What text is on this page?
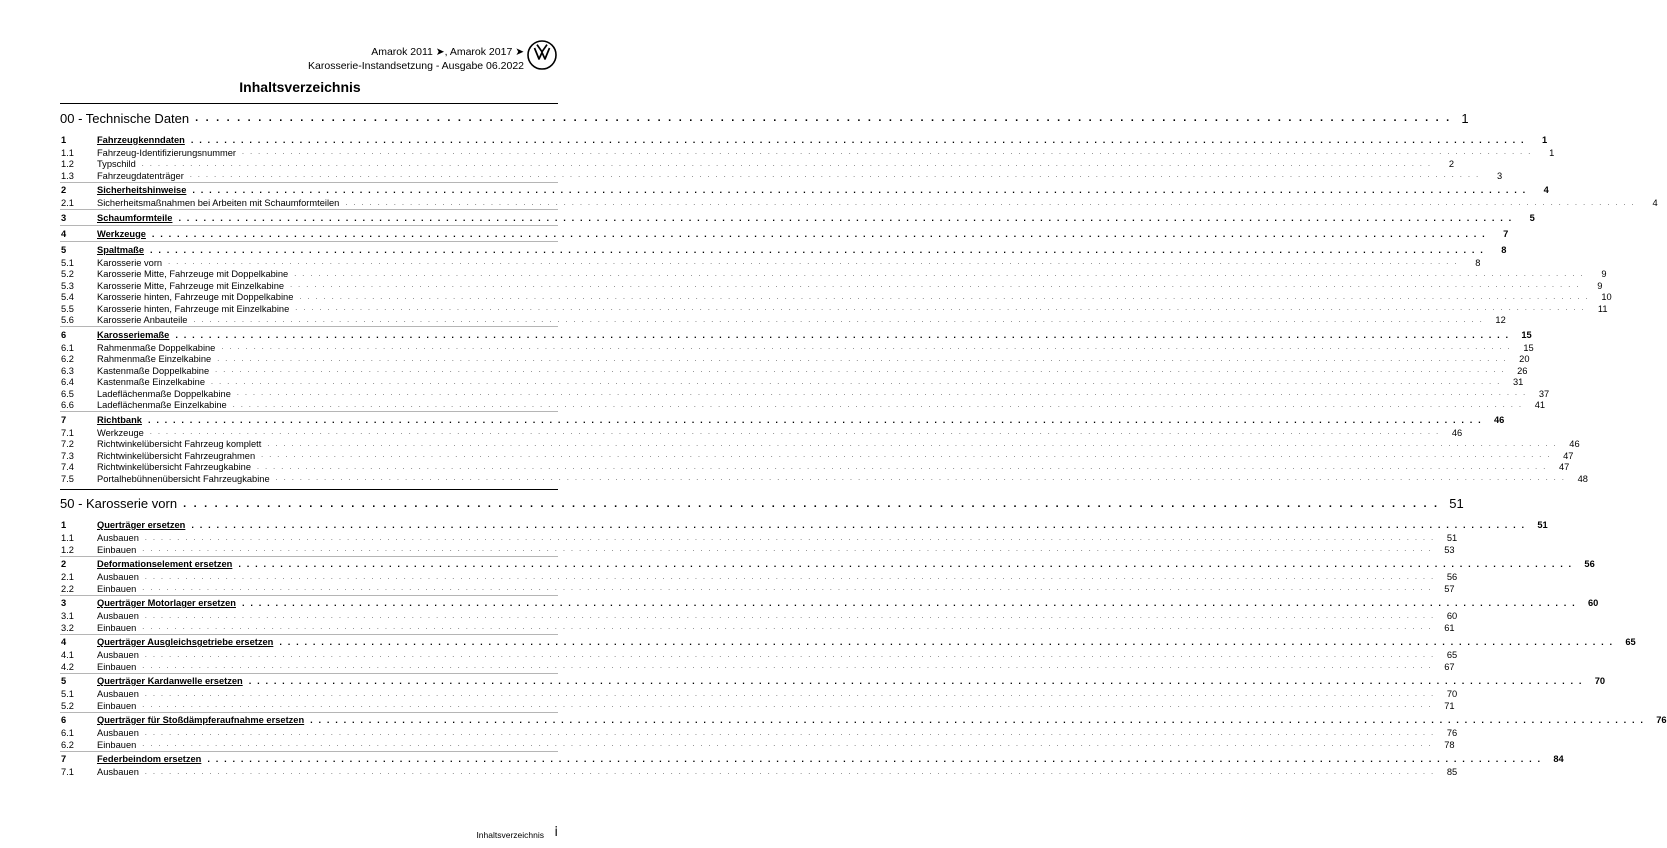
Amarok 2011 ➤, Amarok 2017 ➤
Karosserie-Instandsetzung - Ausgabe 06.2022
Inhaltsverzeichnis
00 - Technische Daten . . . . . . . . . . . . . . . . . . . . . . . . . . . . . . . . . . . . . . . . . . . . . . . . . . . . . . . . . . . . . . . . . . . . . . . . . . . . . . . . . . . . . . . . . . . . . . . . . . . . . . . . . . . . . . . . . . . . . . . . 1
1	Fahrzeugkenndaten . . . . . . . . . . . . . . . . . . . . . . . . . . . . . . . . . . . . . . . . . . . . . . . . . . . . . . . . . . . . . . . . . . . . . . . . . . . . . . . . . . . . . . . . . . . . . . . . . . . . . . . . . . . . . . . . . . . . . . . . . . . . . . . . . . . . . . . . . . . . . . . . . . . . . . . . . . . . . . . .	1
1.1	Fahrzeug-Identifizierungsnummer . . . . . . . . . . . . . . . . . . . . . . . . . . . . . . . . . . . . . . . . . . . . . . . . . . . . . . . . . . . . . . . . . . . . . . . . . . . . . . . . . . . . . . . . . . . . . . . . . . . . . . . . . . . . . . . . . . . . . . . . . . . . . . . . . . . . . . . . . . . . . . . . . . . . . . . . . . . . . . . .	1
1.2	Typschild . . . . . . . . . . . . . . . . . . . . . . . . . . . . . . . . . . . . . . . . . . . . . . . . . . . . . . . . . . . . . . . . . . . . . . . . . . . . . . . . . . . . . . . . . . . . . . . . . . . . . . . . . . . . . . . . . . . . . . . . . . . . . . . . . . . . . . . . . . . . . . . . . . . . . . . . . . . . . . . .	2
1.3	Fahrzeugdatenträger . . . . . . . . . . . . . . . . . . . . . . . . . . . . . . . . . . . . . . . . . . . . . . . . . . . . . . . . . . . . . . . . . . . . . . . . . . . . . . . . . . . . . . . . . . . . . . . . . . . . . . . . . . . . . . . . . . . . . . . . . . . . . . . . . . . . . . . . . . . . . . . . . . . . . . . . . . . . . . . .	3
2	Sicherheitshinweise . . . . . . . . . . . . . . . . . . . . . . . . . . . . . . . . . . . . . . . . . . . . . . . . . . . . . . . . . . . . . . . . . . . . . . . . . . . . . . . . . . . . . . . . . . . . . . . . . . . . . . . . . . . . . . . . . . . . . . . . . . . . . . . . . . . . . . . . . . . . . . . . . . . . . . . . . . . . . . . .	4
2.1	Sicherheitsmaßnahmen bei Arbeiten mit Schaumformteilen . . . . . . . . . . . . . . . . . . . . . . . . . . . . . . . . . . . . . . . . . . . . . . . . . . . . . . . . . . . . . . . . . . . . . . . . . . . . . . . . . . . . . . . . . . . . . . . . . . . . . . . . . . . . . . . . . . . . . . . . . . . . . . . . . . . . . . . . . . . . . . . . . . . . . . . . . . . . . . . .	4
3	Schaumformteile . . . . . . . . . . . . . . . . . . . . . . . . . . . . . . . . . . . . . . . . . . . . . . . . . . . . . . . . . . . . . . . . . . . . . . . . . . . . . . . . . . . . . . . . . . . . . . . . . . . . . . . . . . . . . . . . . . . . . . . . . . . . . . . . . . . . . . . . . . . . . . . . . . . . . . . . . . . . . . . .	5
4	Werkzeuge . . . . . . . . . . . . . . . . . . . . . . . . . . . . . . . . . . . . . . . . . . . . . . . . . . . . . . . . . . . . . . . . . . . . . . . . . . . . . . . . . . . . . . . . . . . . . . . . . . . . . . . . . . . . . . . . . . . . . . . . . . . . . . . . . . . . . . . . . . . . . . . . . . . . . . . . . . . . . . . .	7
5	Spaltmaße . . . . . . . . . . . . . . . . . . . . . . . . . . . . . . . . . . . . . . . . . . . . . . . . . . . . . . . . . . . . . . . . . . . . . . . . . . . . . . . . . . . . . . . . . . . . . . . . . . . . . . . . . . . . . . . . . . . . . . . . . . . . . . . . . . . . . . . . . . . . . . . . . . . . . . . . . . . . . . . .	8
5.1	Karosserie vorn . . . . . . . . . . . . . . . . . . . . . . . . . . . . . . . . . . . . . . . . . . . . . . . . . . . . . . . . . . . . . . . . . . . . . . . . . . . . . . . . . . . . . . . . . . . . . . . . . . . . . . . . . . . . . . . . . . . . . . . . . . . . . . . . . . . . . . . . . . . . . . . . . . . . . . . . . . . . . . . .	8
5.2	Karosserie Mitte, Fahrzeuge mit Doppelkabine . . . . . . . . . . . . . . . . . . . . . . . . . . . . . . . . . . . . . . . . . . . . . . . . . . . . . . . . . . . . . . . . . . . . . . . . . . . . . . . . . . . . . . . . . . . . . . . . . . . . . . . . . . . . . . . . . . . . . . . . . . . . . . . . . . . . . . . . . . . . . . . . . . . . . . . . . . . . . . . .	9
5.3	Karosserie Mitte, Fahrzeuge mit Einzelkabine . . . . . . . . . . . . . . . . . . . . . . . . . . . . . . . . . . . . . . . . . . . . . . . . . . . . . . . . . . . . . . . . . . . . . . . . . . . . . . . . . . . . . . . . . . . . . . . . . . . . . . . . . . . . . . . . . . . . . . . . . . . . . . . . . . . . . . . . . . . . . . . . . . . . . . . . . . . . . . . .	9
5.4	Karosserie hinten, Fahrzeuge mit Doppelkabine . . . . . . . . . . . . . . . . . . . . . . . . . . . . . . . . . . . . . . . . . . . . . . . . . . . . . . . . . . . . . . . . . . . . . . . . . . . . . . . . . . . . . . . . . . . . . . . . . . . . . . . . . . . . . . . . . . . . . . . . . . . . . . . . . . . . . . . . . . . . . . . . . . . . . . . . . . . . . . . .	10
5.5	Karosserie hinten, Fahrzeuge mit Einzelkabine . . . . . . . . . . . . . . . . . . . . . . . . . . . . . . . . . . . . . . . . . . . . . . . . . . . . . . . . . . . . . . . . . . . . . . . . . . . . . . . . . . . . . . . . . . . . . . . . . . . . . . . . . . . . . . . . . . . . . . . . . . . . . . . . . . . . . . . . . . . . . . . . . . . . . . . . . . . . . . . .	11
5.6	Karosserie Anbauteile . . . . . . . . . . . . . . . . . . . . . . . . . . . . . . . . . . . . . . . . . . . . . . . . . . . . . . . . . . . . . . . . . . . . . . . . . . . . . . . . . . . . . . . . . . . . . . . . . . . . . . . . . . . . . . . . . . . . . . . . . . . . . . . . . . . . . . . . . . . . . . . . . . . . . . . . . . . . . . . .	12
6	Karosseriemaße . . . . . . . . . . . . . . . . . . . . . . . . . . . . . . . . . . . . . . . . . . . . . . . . . . . . . . . . . . . . . . . . . . . . . . . . . . . . . . . . . . . . . . . . . . . . . . . . . . . . . . . . . . . . . . . . . . . . . . . . . . . . . . . . . . . . . . . . . . . . . . . . . . . . . . . . . . . . . . . .	15
6.1	Rahmenmaße Doppelkabine . . . . . . . . . . . . . . . . . . . . . . . . . . . . . . . . . . . . . . . . . . . . . . . . . . . . . . . . . . . . . . . . . . . . . . . . . . . . . . . . . . . . . . . . . . . . . . . . . . . . . . . . . . . . . . . . . . . . . . . . . . . . . . . . . . . . . . . . . . . . . . . . . . . . . . . . . . . . . . . .	15
6.2	Rahmenmaße Einzelkabine . . . . . . . . . . . . . . . . . . . . . . . . . . . . . . . . . . . . . . . . . . . . . . . . . . . . . . . . . . . . . . . . . . . . . . . . . . . . . . . . . . . . . . . . . . . . . . . . . . . . . . . . . . . . . . . . . . . . . . . . . . . . . . . . . . . . . . . . . . . . . . . . . . . . . . . . . . . . . . . .	20
6.3	Kastenmaße Doppelkabine . . . . . . . . . . . . . . . . . . . . . . . . . . . . . . . . . . . . . . . . . . . . . . . . . . . . . . . . . . . . . . . . . . . . . . . . . . . . . . . . . . . . . . . . . . . . . . . . . . . . . . . . . . . . . . . . . . . . . . . . . . . . . . . . . . . . . . . . . . . . . . . . . . . . . . . . . . . . . . . .	26
6.4	Kastenmaße Einzelkabine . . . . . . . . . . . . . . . . . . . . . . . . . . . . . . . . . . . . . . . . . . . . . . . . . . . . . . . . . . . . . . . . . . . . . . . . . . . . . . . . . . . . . . . . . . . . . . . . . . . . . . . . . . . . . . . . . . . . . . . . . . . . . . . . . . . . . . . . . . . . . . . . . . . . . . . . . . . . . . . .	31
6.5	Ladeflächenmaße Doppelkabine . . . . . . . . . . . . . . . . . . . . . . . . . . . . . . . . . . . . . . . . . . . . . . . . . . . . . . . . . . . . . . . . . . . . . . . . . . . . . . . . . . . . . . . . . . . . . . . . . . . . . . . . . . . . . . . . . . . . . . . . . . . . . . . . . . . . . . . . . . . . . . . . . . . . . . . . . . . . . . . .	37
6.6	Ladeflächenmaße Einzelkabine . . . . . . . . . . . . . . . . . . . . . . . . . . . . . . . . . . . . . . . . . . . . . . . . . . . . . . . . . . . . . . . . . . . . . . . . . . . . . . . . . . . . . . . . . . . . . . . . . . . . . . . . . . . . . . . . . . . . . . . . . . . . . . . . . . . . . . . . . . . . . . . . . . . . . . . . . . . . . . . .	41
7	Richtbank . . . . . . . . . . . . . . . . . . . . . . . . . . . . . . . . . . . . . . . . . . . . . . . . . . . . . . . . . . . . . . . . . . . . . . . . . . . . . . . . . . . . . . . . . . . . . . . . . . . . . . . . . . . . . . . . . . . . . . . . . . . . . . . . . . . . . . . . . . . . . . . . . . . . . . . . . . . . . . . .	46
7.1	Werkzeuge . . . . . . . . . . . . . . . . . . . . . . . . . . . . . . . . . . . . . . . . . . . . . . . . . . . . . . . . . . . . . . . . . . . . . . . . . . . . . . . . . . . . . . . . . . . . . . . . . . . . . . . . . . . . . . . . . . . . . . . . . . . . . . . . . . . . . . . . . . . . . . . . . . . . . . . . . . . . . . . .	46
7.2	Richtwinkelübersicht Fahrzeug komplett . . . . . . . . . . . . . . . . . . . . . . . . . . . . . . . . . . . . . . . . . . . . . . . . . . . . . . . . . . . . . . . . . . . . . . . . . . . . . . . . . . . . . . . . . . . . . . . . . . . . . . . . . . . . . . . . . . . . . . . . . . . . . . . . . . . . . . . . . . . . . . . . . . . . . . . . . . . . . . . .	46
7.3	Richtwinkelübersicht Fahrzeugrahmen . . . . . . . . . . . . . . . . . . . . . . . . . . . . . . . . . . . . . . . . . . . . . . . . . . . . . . . . . . . . . . . . . . . . . . . . . . . . . . . . . . . . . . . . . . . . . . . . . . . . . . . . . . . . . . . . . . . . . . . . . . . . . . . . . . . . . . . . . . . . . . . . . . . . . . . . . . . . . . . .	47
7.4	Richtwinkelübersicht Fahrzeugkabine . . . . . . . . . . . . . . . . . . . . . . . . . . . . . . . . . . . . . . . . . . . . . . . . . . . . . . . . . . . . . . . . . . . . . . . . . . . . . . . . . . . . . . . . . . . . . . . . . . . . . . . . . . . . . . . . . . . . . . . . . . . . . . . . . . . . . . . . . . . . . . . . . . . . . . . . . . . . . . . .	47
7.5	Portalhebühnenübersicht Fahrzeugkabine . . . . . . . . . . . . . . . . . . . . . . . . . . . . . . . . . . . . . . . . . . . . . . . . . . . . . . . . . . . . . . . . . . . . . . . . . . . . . . . . . . . . . . . . . . . . . . . . . . . . . . . . . . . . . . . . . . . . . . . . . . . . . . . . . . . . . . . . . . . . . . . . . . . . . . . . . . . . . . . .	48
50 - Karosserie vorn . . . . . . . . . . . . . . . . . . . . . . . . . . . . . . . . . . . . . . . . . . . . . . . . . . . . . . . . . . . . . . . . . . . . . . . . . . . . . . . . . . . . . . . . . . . . . . . . . . . . . . . . . . . . . . . . . . . . . . . . 51
1	Querträger ersetzen . . . . . . . . . . . . . . . . . . . . . . . . . . . . . . . . . . . . . . . . . . . . . . . . . . . . . . . . . . . . . . . . . . . . . . . . . . . . . . . . . . . . . . . . . . . . . . . . . . . . . . . . . . . . . . . . . . . . . . . . . . . . . . . . . . . . . . . . . . . . . . . . . . . . . . . . . . . . . . . .	51
1.1	Ausbauen . . . . . . . . . . . . . . . . . . . . . . . . . . . . . . . . . . . . . . . . . . . . . . . . . . . . . . . . . . . . . . . . . . . . . . . . . . . . . . . . . . . . . . . . . . . . . . . . . . . . . . . . . . . . . . . . . . . . . . . . . . . . . . . . . . . . . . . . . . . . . . . . . . . . . . . . . . . . . . . .	51
1.2	Einbauen . . . . . . . . . . . . . . . . . . . . . . . . . . . . . . . . . . . . . . . . . . . . . . . . . . . . . . . . . . . . . . . . . . . . . . . . . . . . . . . . . . . . . . . . . . . . . . . . . . . . . . . . . . . . . . . . . . . . . . . . . . . . . . . . . . . . . . . . . . . . . . . . . . . . . . . . . . . . . . . .	53
2	Deformationselement ersetzen . . . . . . . . . . . . . . . . . . . . . . . . . . . . . . . . . . . . . . . . . . . . . . . . . . . . . . . . . . . . . . . . . . . . . . . . . . . . . . . . . . . . . . . . . . . . . . . . . . . . . . . . . . . . . . . . . . . . . . . . . . . . . . . . . . . . . . . . . . . . . . . . . . . . . . . . . . . . . . . .	56
2.1	Ausbauen . . . . . . . . . . . . . . . . . . . . . . . . . . . . . . . . . . . . . . . . . . . . . . . . . . . . . . . . . . . . . . . . . . . . . . . . . . . . . . . . . . . . . . . . . . . . . . . . . . . . . . . . . . . . . . . . . . . . . . . . . . . . . . . . . . . . . . . . . . . . . . . . . . . . . . . . . . . . . . . .	56
2.2	Einbauen . . . . . . . . . . . . . . . . . . . . . . . . . . . . . . . . . . . . . . . . . . . . . . . . . . . . . . . . . . . . . . . . . . . . . . . . . . . . . . . . . . . . . . . . . . . . . . . . . . . . . . . . . . . . . . . . . . . . . . . . . . . . . . . . . . . . . . . . . . . . . . . . . . . . . . . . . . . . . . . .	57
3	Querträger Motorlager ersetzen . . . . . . . . . . . . . . . . . . . . . . . . . . . . . . . . . . . . . . . . . . . . . . . . . . . . . . . . . . . . . . . . . . . . . . . . . . . . . . . . . . . . . . . . . . . . . . . . . . . . . . . . . . . . . . . . . . . . . . . . . . . . . . . . . . . . . . . . . . . . . . . . . . . . . . . . . . . . . . . .	60
3.1	Ausbauen . . . . . . . . . . . . . . . . . . . . . . . . . . . . . . . . . . . . . . . . . . . . . . . . . . . . . . . . . . . . . . . . . . . . . . . . . . . . . . . . . . . . . . . . . . . . . . . . . . . . . . . . . . . . . . . . . . . . . . . . . . . . . . . . . . . . . . . . . . . . . . . . . . . . . . . . . . . . . . . .	60
3.2	Einbauen . . . . . . . . . . . . . . . . . . . . . . . . . . . . . . . . . . . . . . . . . . . . . . . . . . . . . . . . . . . . . . . . . . . . . . . . . . . . . . . . . . . . . . . . . . . . . . . . . . . . . . . . . . . . . . . . . . . . . . . . . . . . . . . . . . . . . . . . . . . . . . . . . . . . . . . . . . . . . . . .	61
4	Querträger Ausgleichsgetriebe ersetzen . . . . . . . . . . . . . . . . . . . . . . . . . . . . . . . . . . . . . . . . . . . . . . . . . . . . . . . . . . . . . . . . . . . . . . . . . . . . . . . . . . . . . . . . . . . . . . . . . . . . . . . . . . . . . . . . . . . . . . . . . . . . . . . . . . . . . . . . . . . . . . . . . . . . . . . . . . . . . . . .	65
4.1	Ausbauen . . . . . . . . . . . . . . . . . . . . . . . . . . . . . . . . . . . . . . . . . . . . . . . . . . . . . . . . . . . . . . . . . . . . . . . . . . . . . . . . . . . . . . . . . . . . . . . . . . . . . . . . . . . . . . . . . . . . . . . . . . . . . . . . . . . . . . . . . . . . . . . . . . . . . . . . . . . . . . . .	65
4.2	Einbauen . . . . . . . . . . . . . . . . . . . . . . . . . . . . . . . . . . . . . . . . . . . . . . . . . . . . . . . . . . . . . . . . . . . . . . . . . . . . . . . . . . . . . . . . . . . . . . . . . . . . . . . . . . . . . . . . . . . . . . . . . . . . . . . . . . . . . . . . . . . . . . . . . . . . . . . . . . . . . . . .	67
5	Querträger Kardanwelle ersetzen . . . . . . . . . . . . . . . . . . . . . . . . . . . . . . . . . . . . . . . . . . . . . . . . . . . . . . . . . . . . . . . . . . . . . . . . . . . . . . . . . . . . . . . . . . . . . . . . . . . . . . . . . . . . . . . . . . . . . . . . . . . . . . . . . . . . . . . . . . . . . . . . . . . . . . . . . . . . . . . .	70
5.1	Ausbauen . . . . . . . . . . . . . . . . . . . . . . . . . . . . . . . . . . . . . . . . . . . . . . . . . . . . . . . . . . . . . . . . . . . . . . . . . . . . . . . . . . . . . . . . . . . . . . . . . . . . . . . . . . . . . . . . . . . . . . . . . . . . . . . . . . . . . . . . . . . . . . . . . . . . . . . . . . . . . . . .	70
5.2	Einbauen . . . . . . . . . . . . . . . . . . . . . . . . . . . . . . . . . . . . . . . . . . . . . . . . . . . . . . . . . . . . . . . . . . . . . . . . . . . . . . . . . . . . . . . . . . . . . . . . . . . . . . . . . . . . . . . . . . . . . . . . . . . . . . . . . . . . . . . . . . . . . . . . . . . . . . . . . . . . . . . .	71
6	Querträger für Stoßdämpferaufnahme ersetzen . . . . . . . . . . . . . . . . . . . . . . . . . . . . . . . . . . . . . . . . . . . . . . . . . . . . . . . . . . . . . . . . . . . . . . . . . . . . . . . . . . . . . . . . . . . . . . . . . . . . . . . . . . . . . . . . . . . . . . . . . . . . . . . . . . . . . . . . . . . . . . . . . . . . . . . . . . . . . . . .	76
6.1	Ausbauen . . . . . . . . . . . . . . . . . . . . . . . . . . . . . . . . . . . . . . . . . . . . . . . . . . . . . . . . . . . . . . . . . . . . . . . . . . . . . . . . . . . . . . . . . . . . . . . . . . . . . . . . . . . . . . . . . . . . . . . . . . . . . . . . . . . . . . . . . . . . . . . . . . . . . . . . . . . . . . . .	76
6.2	Einbauen . . . . . . . . . . . . . . . . . . . . . . . . . . . . . . . . . . . . . . . . . . . . . . . . . . . . . . . . . . . . . . . . . . . . . . . . . . . . . . . . . . . . . . . . . . . . . . . . . . . . . . . . . . . . . . . . . . . . . . . . . . . . . . . . . . . . . . . . . . . . . . . . . . . . . . . . . . . . . . . .	78
7	Federbeindom ersetzen . . . . . . . . . . . . . . . . . . . . . . . . . . . . . . . . . . . . . . . . . . . . . . . . . . . . . . . . . . . . . . . . . . . . . . . . . . . . . . . . . . . . . . . . . . . . . . . . . . . . . . . . . . . . . . . . . . . . . . . . . . . . . . . . . . . . . . . . . . . . . . . . . . . . . . . . . . . . . . . .	84
7.1	Ausbauen . . . . . . . . . . . . . . . . . . . . . . . . . . . . . . . . . . . . . . . . . . . . . . . . . . . . . . . . . . . . . . . . . . . . . . . . . . . . . . . . . . . . . . . . . . . . . . . . . . . . . . . . . . . . . . . . . . . . . . . . . . . . . . . . . . . . . . . . . . . . . . . . . . . . . . . . . . . . . . . .	85
Inhaltsverzeichnis i
